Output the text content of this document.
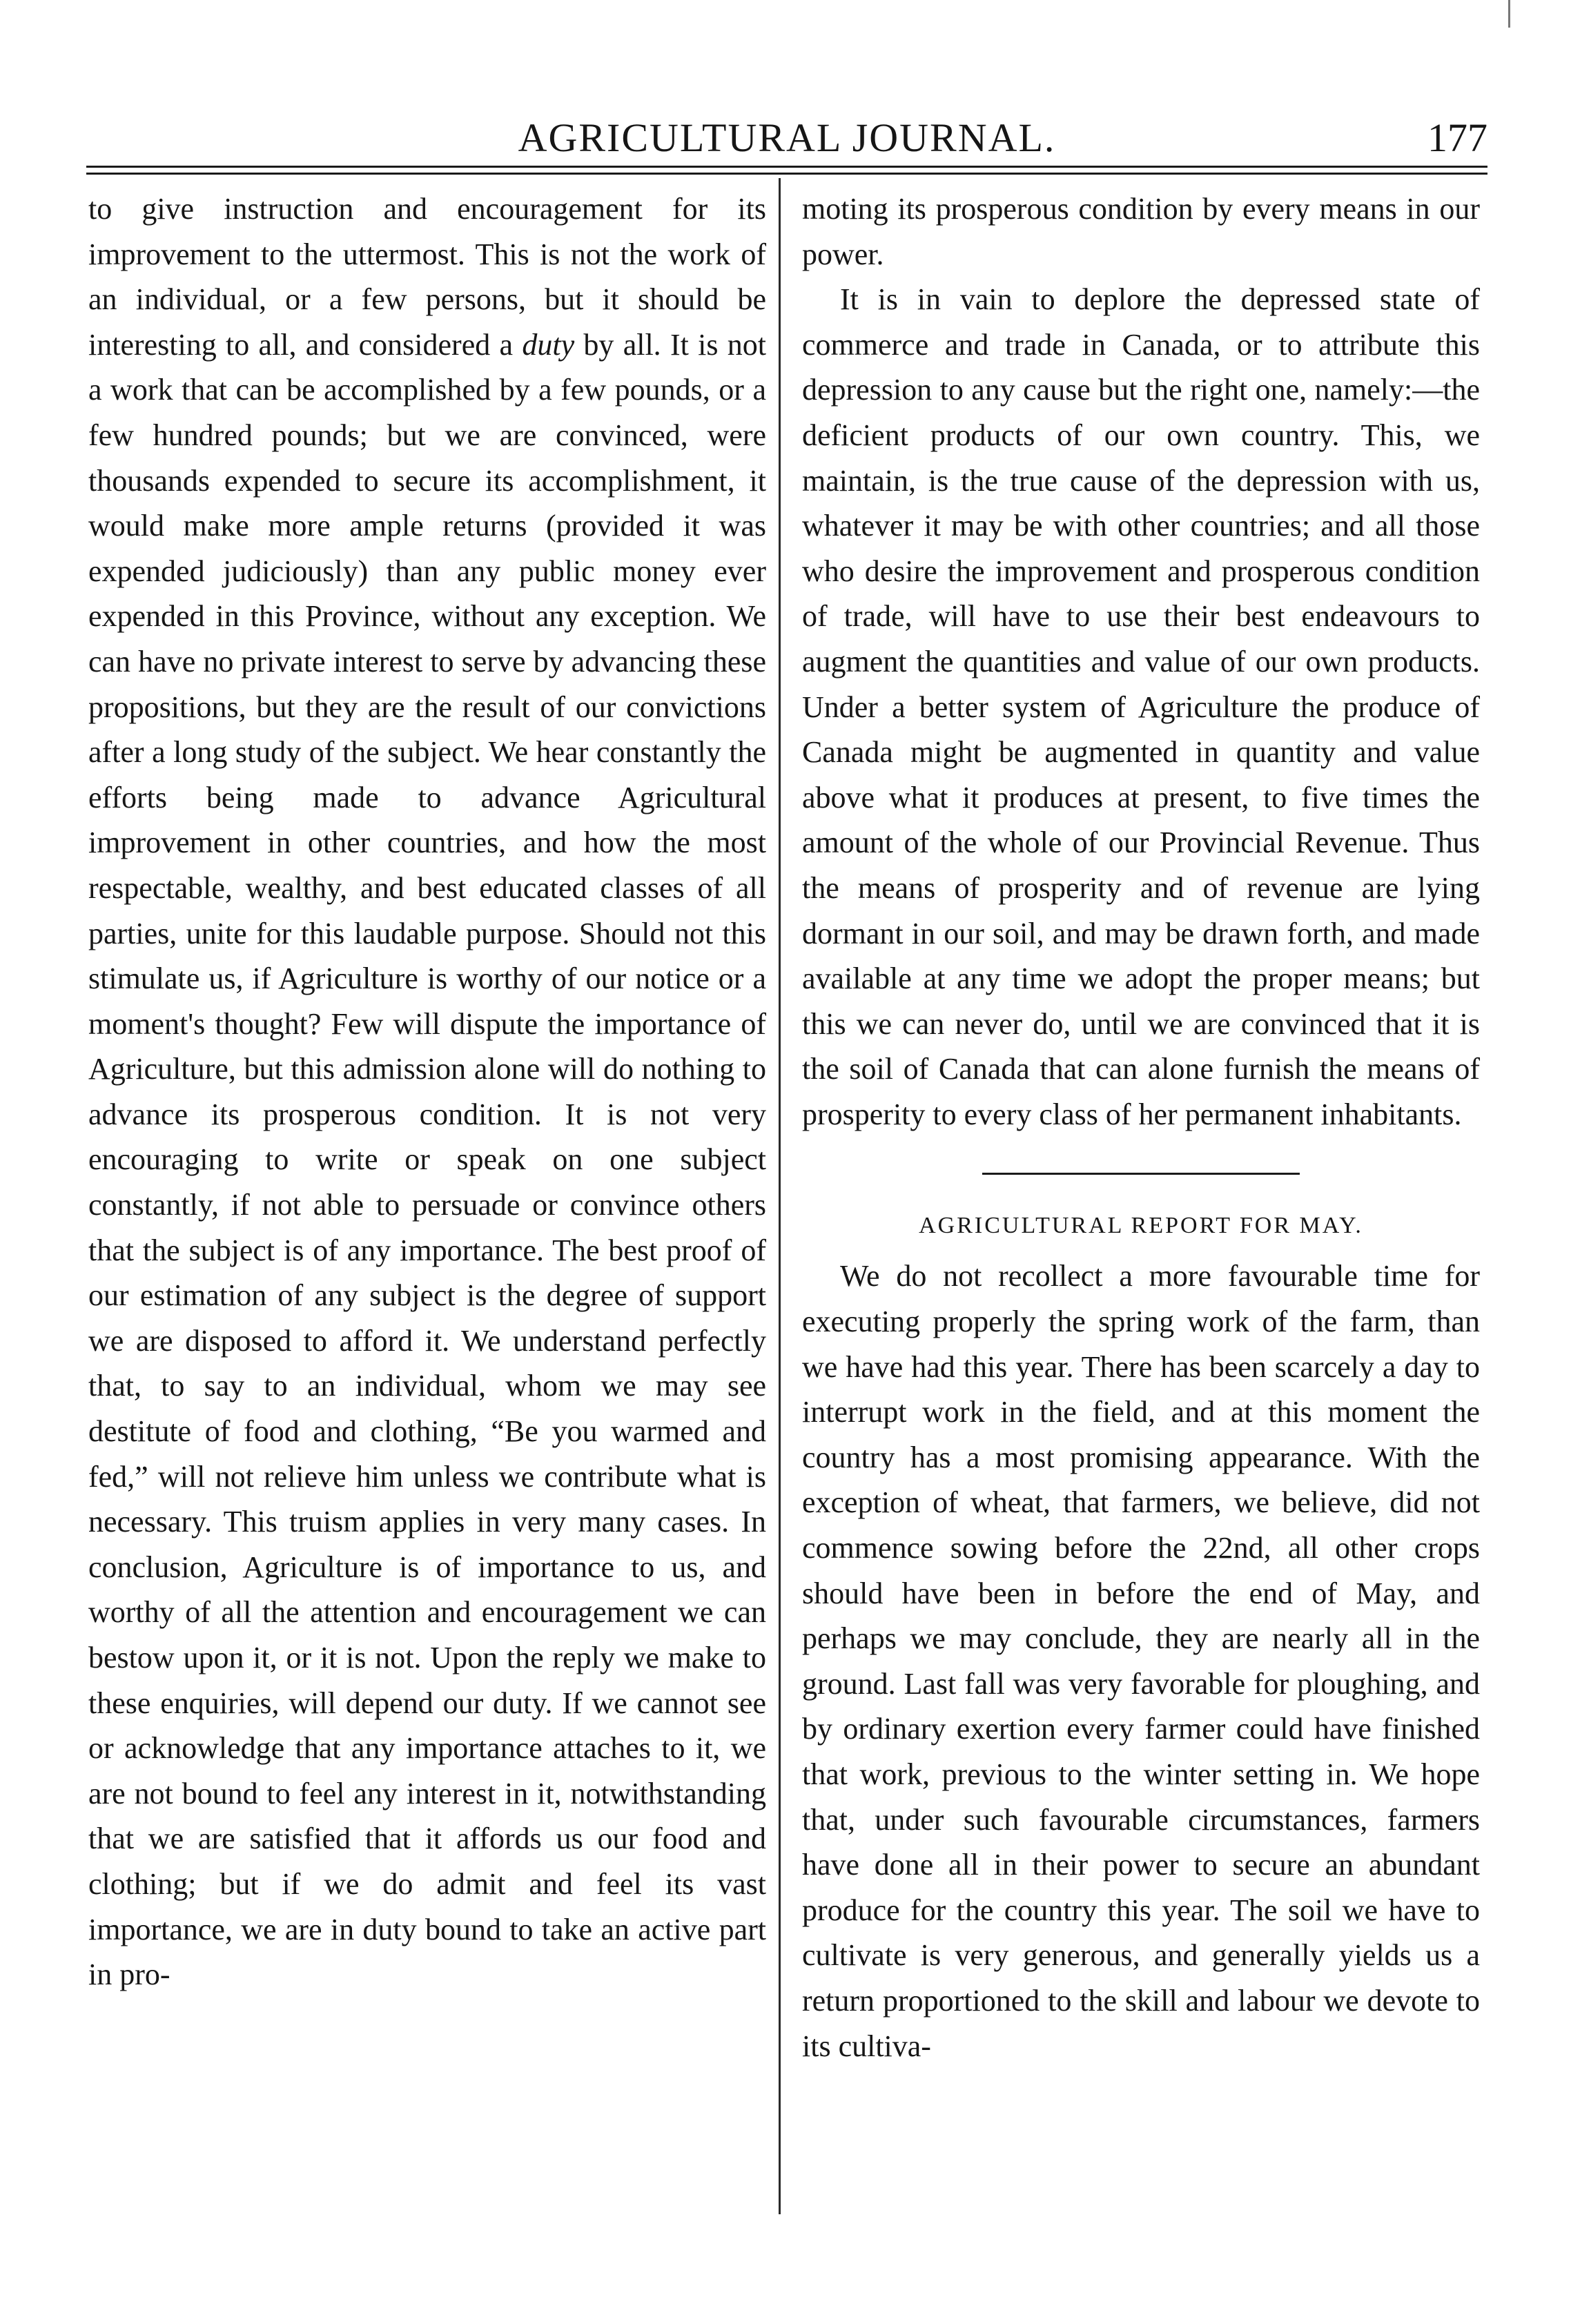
AGRICULTURAL JOURNAL.	177

to give instruction and encouragement for its improvement to the uttermost. This is not the work of an individual, or a few persons, but it should be interesting to all, and considered a duty by all. It is not a work that can be accomplished by a few pounds, or a few hundred pounds; but we are convinced, were thousands expended to secure its accomplishment, it would make more ample returns (provided it was expended judiciously) than any public money ever expended in this Province, without any exception. We can have no private interest to serve by advancing these propositions, but they are the result of our convictions after a long study of the subject. We hear constantly the efforts being made to advance Agricultural improvement in other countries, and how the most respectable, wealthy, and best educated classes of all parties, unite for this laudable purpose. Should not this stimulate us, if Agriculture is worthy of our notice or a moment's thought? Few will dispute the importance of Agriculture, but this admission alone will do nothing to advance its prosperous condition. It is not very encouraging to write or speak on one subject constantly, if not able to persuade or convince others that the subject is of any importance. The best proof of our estimation of any subject is the degree of support we are disposed to afford it. We understand perfectly that, to say to an individual, whom we may see destitute of food and clothing, “Be you warmed and fed,” will not relieve him unless we contribute what is necessary. This truism applies in very many cases. In conclusion, Agriculture is of importance to us, and worthy of all the attention and encouragement we can bestow upon it, or it is not. Upon the reply we make to these enquiries, will depend our duty. If we cannot see or acknowledge that any importance attaches to it, we are not bound to feel any interest in it, notwithstanding that we are satisfied that it affords us our food and clothing; but if we do admit and feel its vast importance, we are in duty bound to take an active part in pro-

moting its prosperous condition by every means in our power.

It is in vain to deplore the depressed state of commerce and trade in Canada, or to attribute this depression to any cause but the right one, namely:—the deficient products of our own country. This, we maintain, is the true cause of the depression with us, whatever it may be with other countries; and all those who desire the improvement and prosperous condition of trade, will have to use their best endeavours to augment the quantities and value of our own products. Under a better system of Agriculture the produce of Canada might be augmented in quantity and value above what it produces at present, to five times the amount of the whole of our Provincial Revenue. Thus the means of prosperity and of revenue are lying dormant in our soil, and may be drawn forth, and made available at any time we adopt the proper means; but this we can never do, until we are convinced that it is the soil of Canada that can alone furnish the means of prosperity to every class of her permanent inhabitants.

AGRICULTURAL REPORT FOR MAY.

We do not recollect a more favourable time for executing properly the spring work of the farm, than we have had this year. There has been scarcely a day to interrupt work in the field, and at this moment the country has a most promising appearance. With the exception of wheat, that farmers, we believe, did not commence sowing before the 22nd, all other crops should have been in before the end of May, and perhaps we may conclude, they are nearly all in the ground. Last fall was very favorable for ploughing, and by ordinary exertion every farmer could have finished that work, previous to the winter setting in. We hope that, under such favourable circumstances, farmers have done all in their power to secure an abundant produce for the country this year. The soil we have to cultivate is very generous, and generally yields us a return proportioned to the skill and labour we devote to its cultiva-
